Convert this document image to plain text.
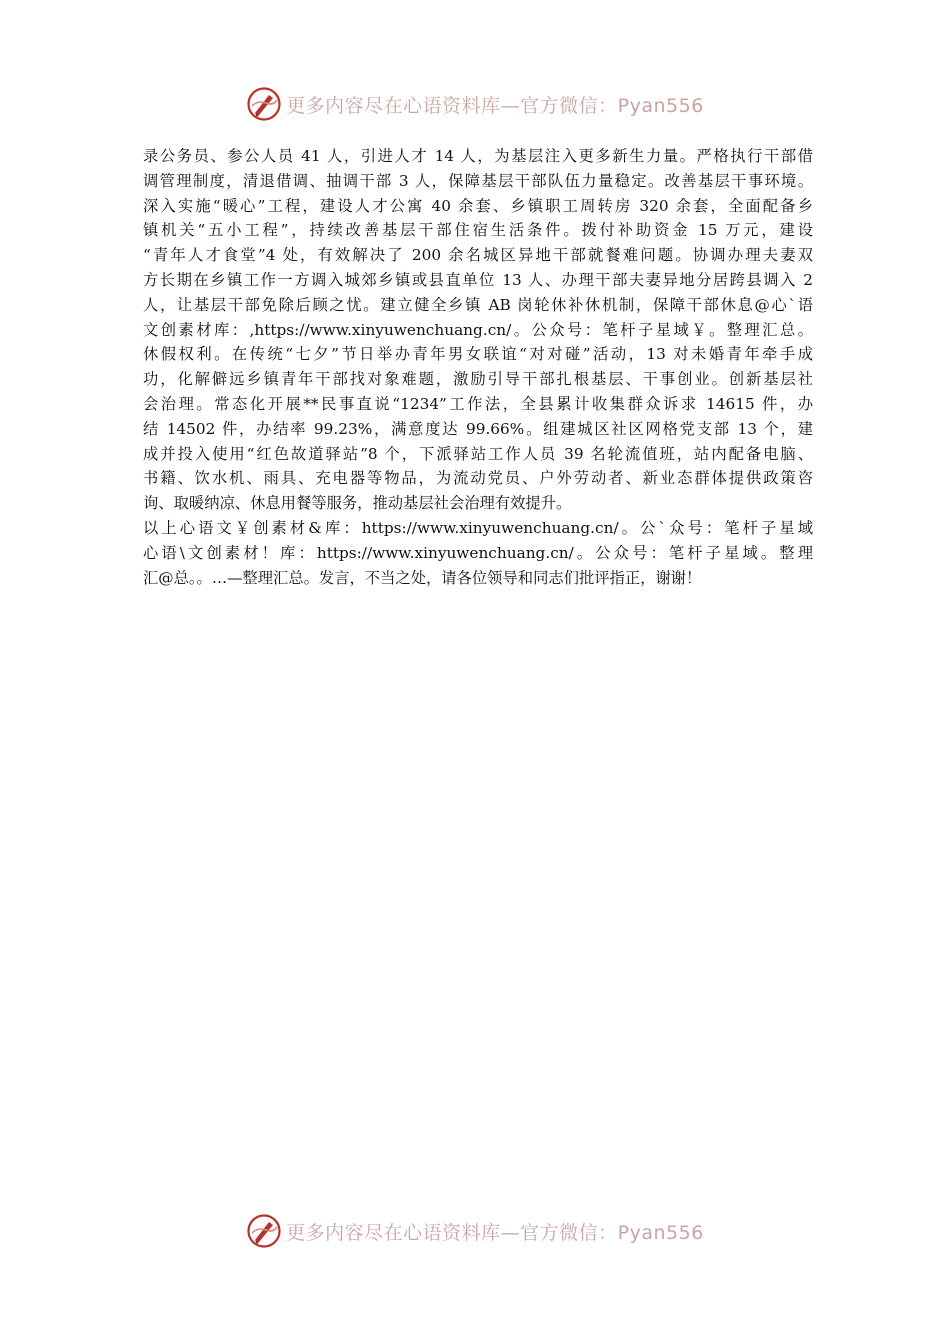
更多内容尽在心语资料库—官方微信：Pyan556
录公务员、参公人员 41 人，引进人才 14 人，为基层注入更多新生力量。严格执行干部借
调管理制度，清退借调、抽调干部 3 人，保障基层干部队伍力量稳定。改善基层干事环境。
深入实施“暖心”工程，建设人才公寓 40 余套、乡镇职工周转房 320 余套，全面配备乡
镇机关“五小工程”，持续改善基层干部住宿生活条件。拨付补助资金 15 万元，建设
“青年人才食堂”4 处，有效解决了 200 余名城区异地干部就餐难问题。协调办理夫妻双
方长期在乡镇工作一方调入城郊乡镇或县直单位 13 人、办理干部夫妻异地分居跨县调入 2
人，让基层干部免除后顾之忧。建立健全乡镇 AB 岗轮休补休机制，保障干部休息@心`语
文创素材库：,https://www.xinyuwenchuang.cn/。公众号：笔杆子星域￥。整理汇总。
休假权利。在传统“七夕”节日举办青年男女联谊“对对碰”活动，13 对未婚青年牵手成
功，化解僻远乡镇青年干部找对象难题，激励引导干部扎根基层、干事创业。创新基层社
会治理。常态化开展**民事直说“1234”工作法，全县累计收集群众诉求 14615 件，办
结 14502 件，办结率 99.23%，满意度达 99.66%。组建城区社区网格党支部 13 个，建
成并投入使用“红色故道驿站”8 个，下派驿站工作人员 39 名轮流值班，站内配备电脑、
书籍、饮水机、雨具、充电器等物品，为流动党员、户外劳动者、新业态群体提供政策咨
询、取暖纳凉、休息用餐等服务，推动基层社会治理有效提升。
以上心语文￥创素材&库：https://www.xinyuwenchuang.cn/。公`众号：笔杆子星域
心语\文创素材！库：https://www.xinyuwenchuang.cn/。公众号：笔杆子星域。整理
汇@总。。…—整理汇总。发言，不当之处，请各位领导和同志们批评指正，谢谢！
更多内容尽在心语资料库—官方微信：Pyan556
